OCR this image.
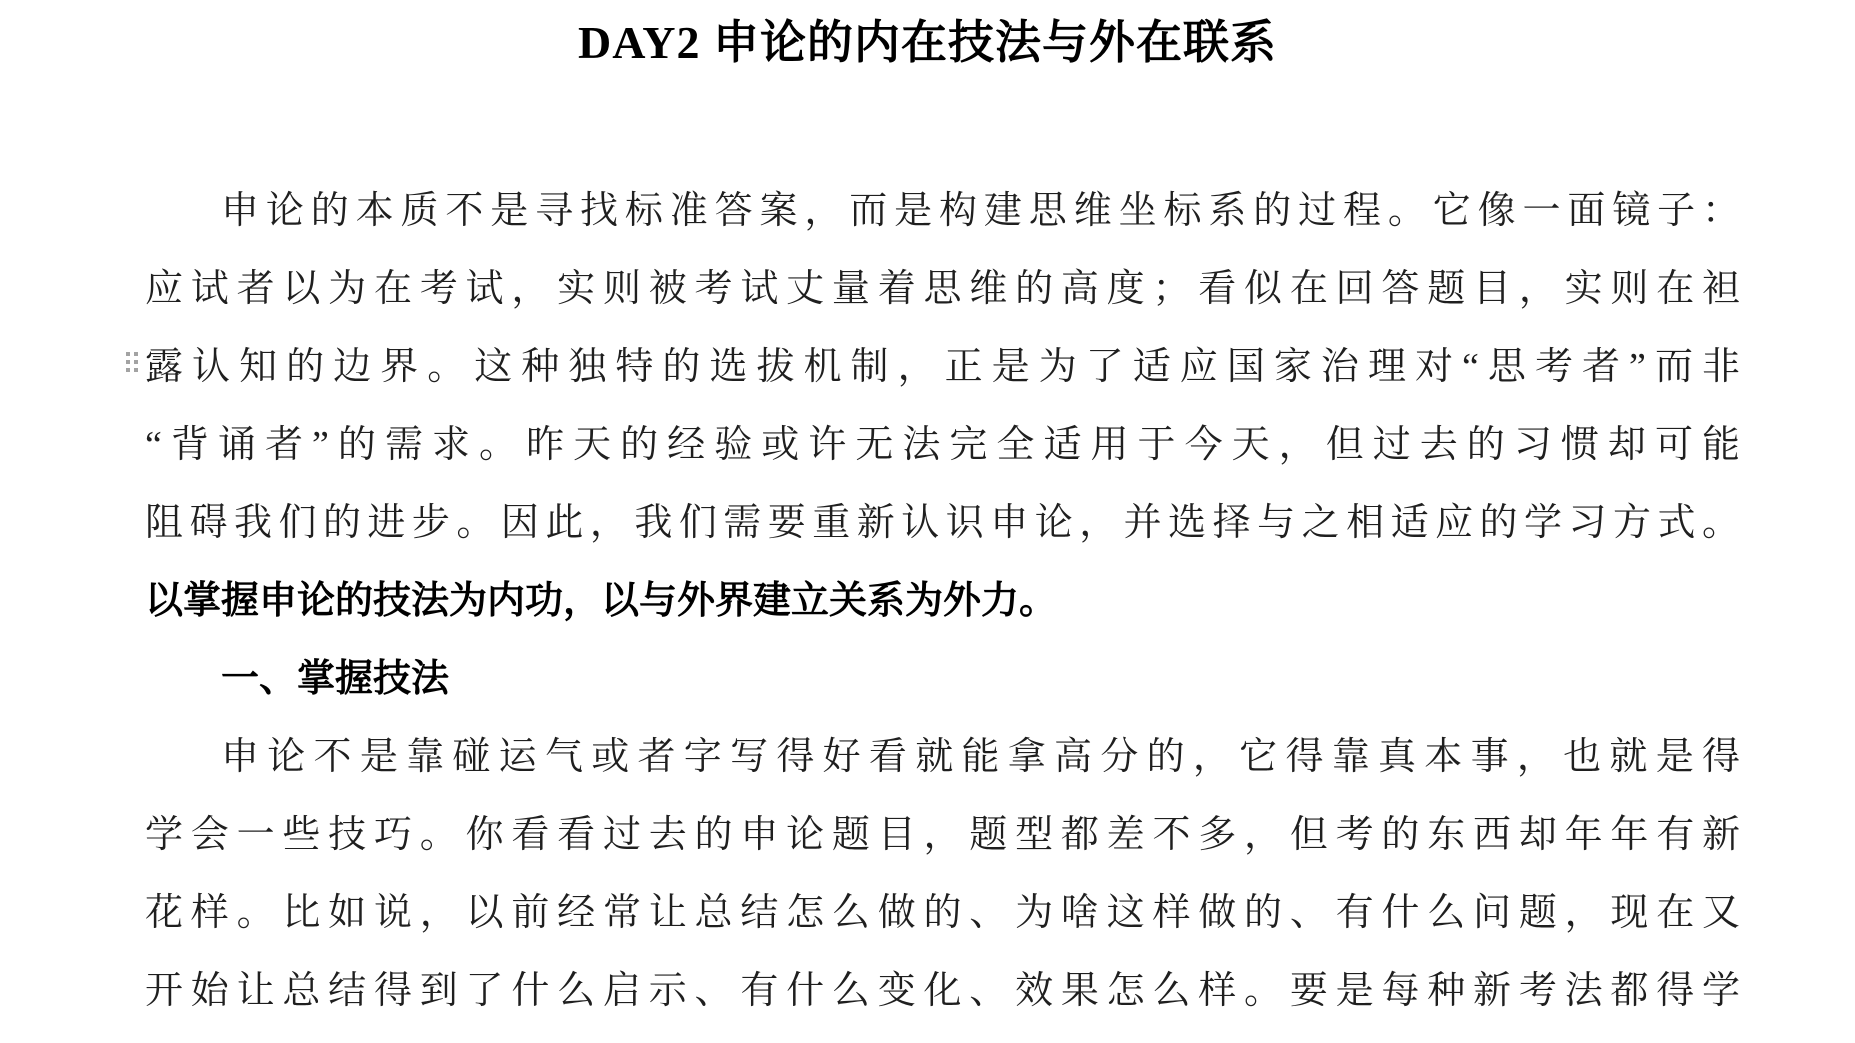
DAY2 申论的内在技法与外在联系
申论的本质不是寻找标准答案，而是构建思维坐标系的过程。它像一面镜子：
应试者以为在考试，实则被考试丈量着思维的高度；看似在回答题目，实则在袒
露认知的边界。这种独特的选拔机制，正是为了适应国家治理对“思考者”而非
“背诵者”的需求。昨天的经验或许无法完全适用于今天，但过去的习惯却可能
阻碍我们的进步。因此，我们需要重新认识申论，并选择与之相适应的学习方式。
以掌握申论的技法为内功，以与外界建立关系为外力。
一、掌握技法
申论不是靠碰运气或者字写得好看就能拿高分的，它得靠真本事，也就是得
学会一些技巧。你看看过去的申论题目，题型都差不多，但考的东西却年年有新
花样。比如说，以前经常让总结怎么做的、为啥这样做的、有什么问题，现在又
开始让总结得到了什么启示、有什么变化、效果怎么样。要是每种新考法都得学
